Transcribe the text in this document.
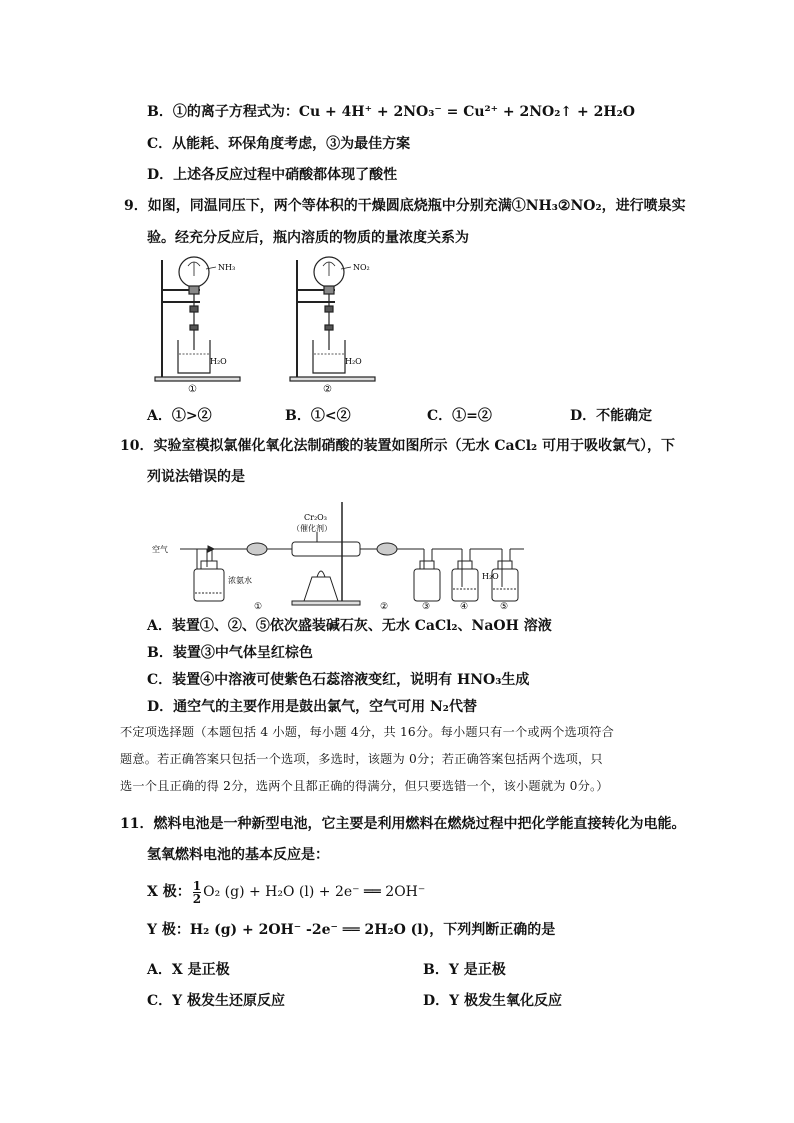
B．①的离子方程式为：Cu + 4H⁺ + 2NO₃⁻ = Cu²⁺ + 2NO₂↑ + 2H₂O
C．从能耗、环保角度考虑，③为最佳方案
D．上述各反应过程中硝酸都体现了酸性
9．如图，同温同压下，两个等体积的干燥圆底烧瓶中分别充满①NH₃②NO₂，进行喷泉实
验。经充分反应后，瓶内溶质的物质的量浓度关系为
NH₃
H₂O
①
NO₂
H₂O
②
A．①>②	B．①<②	C．①=②	D．不能确定
10．实验室模拟氯催化氧化法制硝酸的装置如图所示（无水 CaCl₂ 可用于吸收氯气），下
列说法错误的是
空气
Cr₂O₃
（催化剂）
浓氨水	H₂O
①	②	③	④	⑤
A．装置①、②、⑤依次盛装碱石灰、无水 CaCl₂、NaOH 溶液
B．装置③中气体呈红棕色
C．装置④中溶液可使紫色石蕊溶液变红，说明有 HNO₃生成
D．通空气的主要作用是鼓出氯气，空气可用 N₂代替
不定项选择题（本题包括 4 小题，每小题 4分，共 16分。每小题只有一个或两个选项符合
题意。若正确答案只包括一个选项，多选时，该题为 0分；若正确答案包括两个选项，只
选一个且正确的得 2分，选两个且都正确的得满分，但只要选错一个，该小题就为 0分。）
11．燃料电池是一种新型电池，它主要是利用燃料在燃烧过程中把化学能直接转化为电能。
氢氧燃料电池的基本反应是：
X 极： $\frac{1}{2} O_2$ (g) + H₂O (l) + 2e⁻ ══ 2OH⁻
Y 极：H₂ (g) + 2OH⁻ -2e⁻ ══ 2H₂O (l)，下列判断正确的是
A．X 是正极	B．Y 是正极
C．Y 极发生还原反应	D．Y 极发生氧化反应
